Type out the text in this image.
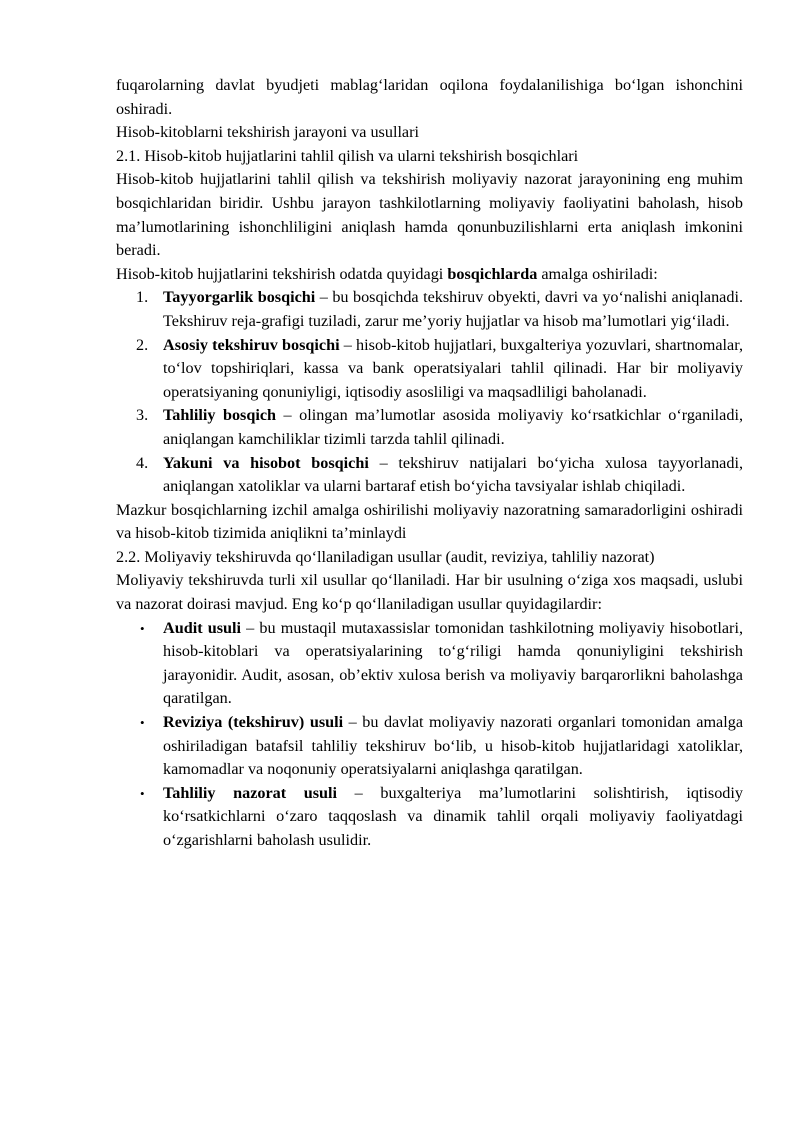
fuqarolarning davlat byudjeti mablag‘laridan oqilona foydalanilishiga bo‘lgan ishonchini oshiradi.

Hisob-kitoblarni tekshirish jarayoni va usullari

2.1. Hisob-kitob hujjatlarini tahlil qilish va ularni tekshirish bosqichlari

Hisob-kitob hujjatlarini tahlil qilish va tekshirish moliyaviy nazorat jarayonining eng muhim bosqichlaridan biridir. Ushbu jarayon tashkilotlarning moliyaviy faoliyatini baholash, hisob ma’lumotlarining ishonchliligini aniqlash hamda qonunbuzilishlarni erta aniqlash imkonini beradi.

Hisob-kitob hujjatlarini tekshirish odatda quyidagi bosqichlarda amalga oshiriladi:

1. Tayyorgarlik bosqichi – bu bosqichda tekshiruv obyekti, davri va yo‘nalishi aniqlanadi. Tekshiruv reja-grafigi tuziladi, zarur me’yoriy hujjatlar va hisob ma’lumotlari yig‘iladi.
2. Asosiy tekshiruv bosqichi – hisob-kitob hujjatlari, buxgalteriya yozuvlari, shartnomalar, to‘lov topshiriqlari, kassa va bank operatsiyalari tahlil qilinadi. Har bir moliyaviy operatsiyaning qonuniyligi, iqtisodiy asosliligi va maqsadliligi baholanadi.
3. Tahliliy bosqich – olingan ma’lumotlar asosida moliyaviy ko‘rsatkichlar o‘rganiladi, aniqlangan kamchiliklar tizimli tarzda tahlil qilinadi.
4. Yakuni va hisobot bosqichi – tekshiruv natijalari bo‘yicha xulosa tayyorlanadi, aniqlangan xatoliklar va ularni bartaraf etish bo‘yicha tavsiyalar ishlab chiqiladi.

Mazkur bosqichlarning izchil amalga oshirilishi moliyaviy nazoratning samaradorligini oshiradi va hisob-kitob tizimida aniqlikni ta’minlaydi

2.2. Moliyaviy tekshiruvda qo‘llaniladigan usullar (audit, reviziya, tahliliy nazorat)

Moliyaviy tekshiruvda turli xil usullar qo‘llaniladi. Har bir usulning o‘ziga xos maqsadi, uslubi va nazorat doirasi mavjud. Eng ko‘p qo‘llaniladigan usullar quyidagilardir:

• Audit usuli – bu mustaqil mutaxassislar tomonidan tashkilotning moliyaviy hisobotlari, hisob-kitoblari va operatsiyalarining to‘g‘riligi hamda qonuniyligini tekshirish jarayonidir. Audit, asosan, ob’ektiv xulosa berish va moliyaviy barqarorlikni baholashga qaratilgan.
• Reviziya (tekshiruv) usuli – bu davlat moliyaviy nazorati organlari tomonidan amalga oshiriladigan batafsil tahliliy tekshiruv bo‘lib, u hisob-kitob hujjatlaridagi xatoliklar, kamomadlar va noqonuniy operatsiyalarni aniqlashga qaratilgan.
• Tahliliy nazorat usuli – buxgalteriya ma’lumotlarini solishtirish, iqtisodiy ko‘rsatkichlarni o‘zaro taqqoslash va dinamik tahlil orqali moliyaviy faoliyatdagi o‘zgarishlarni baholash usulidir.
